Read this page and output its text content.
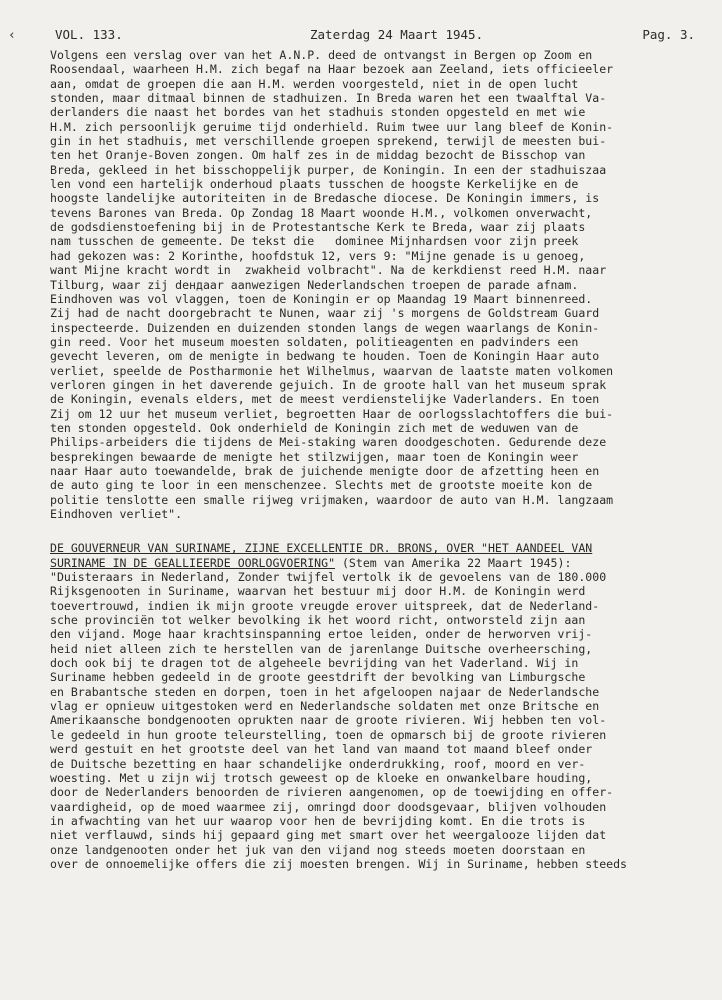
‹	VOL. 133.	Zaterdag 24 Maart 1945.	Pag. 3.
Volgens een verslag over van het A.N.P. deed de ontvangst in Bergen op Zoom en
Roosendaal, waarheen H.M. zich begaf na Haar bezoek aan Zeeland, iets officieeler
aan, omdat de groepen die aan H.M. werden voorgesteld, niet in de open lucht
stonden, maar ditmaal binnen de stadhuizen. In Breda waren het een twaalftal Va-
derlanders die naast het bordes van het stadhuis stonden opgesteld en met wie
H.M. zich persoonlijk geruime tijd onderhield. Ruim twee uur lang bleef de Konin-
gin in het stadhuis, met verschillende groepen sprekend, terwijl de meesten bui-
ten het Oranje-Boven zongen. Om half zes in de middag bezocht de Bisschop van
Breda, gekleed in het bisschoppelijk purper, de Koningin. In een der stadhuiszaa
len vond een hartelijk onderhoud plaats tusschen de hoogste Kerkelijke en de
hoogste landelijke autoriteiten in de Bredasche diocese. De Koningin immers, is
tevens Barones van Breda. Op Zondag 18 Maart woonde H.M., volkomen onverwacht,
de godsdienstoefening bij in de Protestantsche Kerk te Breda, waar zij plaats
nam tusschen de gemeente. De tekst die   dominee Mijnhardsen voor zijn preek
had gekozen was: 2 Korinthe, hoofdstuk 12, vers 9: "Mijne genade is u genoeg,
want Mijne kracht wordt in  zwakheid volbracht". Na de kerkdienst reed H.M. naar
Tilburg, waar zij deндaar aanwezigen Nederlandschen troepen de parade afnam.
Eindhoven was vol vlaggen, toen de Koningin er op Maandag 19 Maart binnenreed.
Zij had de nacht doorgebracht te Nunen, waar zij 's morgens de Goldstream Guard
inspecteerde. Duizenden en duizenden stonden langs de wegen waarlangs de Konin-
gin reed. Voor het museum moesten soldaten, politieagenten en padvinders een
gevecht leveren, om de menigte in bedwang te houden. Toen de Koningin Haar auto
verliet, speelde de Postharmonie het Wilhelmus, waarvan de laatste maten volkomen
verloren gingen in het daverende gejuich. In de groote hall van het museum sprak
de Koningin, evenals elders, met de meest verdienstelijke Vaderlanders. En toen
Zij om 12 uur het museum verliet, begroetten Haar de oorlogsslachtoffers die bui-
ten stonden opgesteld. Ook onderhield de Koningin zich met de weduwen van de
Philips-arbeiders die tijdens de Mei-staking waren doodgeschoten. Gedurende deze
besprekingen bewaarde de menigte het stilzwijgen, maar toen de Koningin weer
naar Haar auto toewandelde, brak de juichende menigte door de afzetting heen en
de auto ging te loor in een menschenzee. Slechts met de grootste moeite kon de
politie tenslotte een smalle rijweg vrijmaken, waardoor de auto van H.M. langzaam
Eindhoven verliet".
DE GOUVERNEUR VAN SURINAME, ZIJNE EXCELLENTIE DR. BRONS, OVER "HET AANDEEL VAN
SURINAME IN DE GEALLIEERDE OORLOGVOERING" (Stem van Amerika 22 Maart 1945):
"Duisteraars in Nederland, Zonder twijfel vertolk ik de gevoelens van de 180.000
Rijksgenooten in Suriname, waarvan het bestuur mij door H.M. de Koningin werd
toevertrouwd, indien ik mijn groote vreugde erover uitspreek, dat de Nederland-
sche provinciën tot welker bevolking ik het woord richt, ontworsteld zijn aan
den vijand. Moge haar krachtsinspanning ertoe leiden, onder de herworven vrij-
heid niet alleen zich te herstellen van de jarenlange Duitsche overheersching,
doch ook bij te dragen tot de algeheele bevrijding van het Vaderland. Wij in
Suriname hebben gedeeld in de groote geestdrift der bevolking van Limburgsche
en Brabantsche steden en dorpen, toen in het afgeloopen najaar de Nederlandsche
vlag er opnieuw uitgestoken werd en Nederlandsche soldaten met onze Britsche en
Amerikaansche bondgenooten oprukten naar de groote rivieren. Wij hebben ten vol-
le gedeeld in hun groote teleurstelling, toen de opmarsch bij de groote rivieren
werd gestuit en het grootste deel van het land van maand tot maand bleef onder
de Duitsche bezetting en haar schandelijke onderdrukking, roof, moord en ver-
woesting. Met u zijn wij trotsch geweest op de kloeke en onwankelbare houding,
door de Nederlanders benoorden de rivieren aangenomen, op de toewijding en offer-
vaardigheid, op de moed waarmee zij, omringd door doodsgevaar, blijven volhouden
in afwachting van het uur waarop voor hen de bevrijding komt. En die trots is
niet verflauwd, sinds hij gepaard ging met smart over het weergalooze lijden dat
onze landgenooten onder het juk van den vijand nog steeds moeten doorstaan en
over de onnoemelijke offers die zij moesten brengen. Wij in Suriname, hebben steeds
